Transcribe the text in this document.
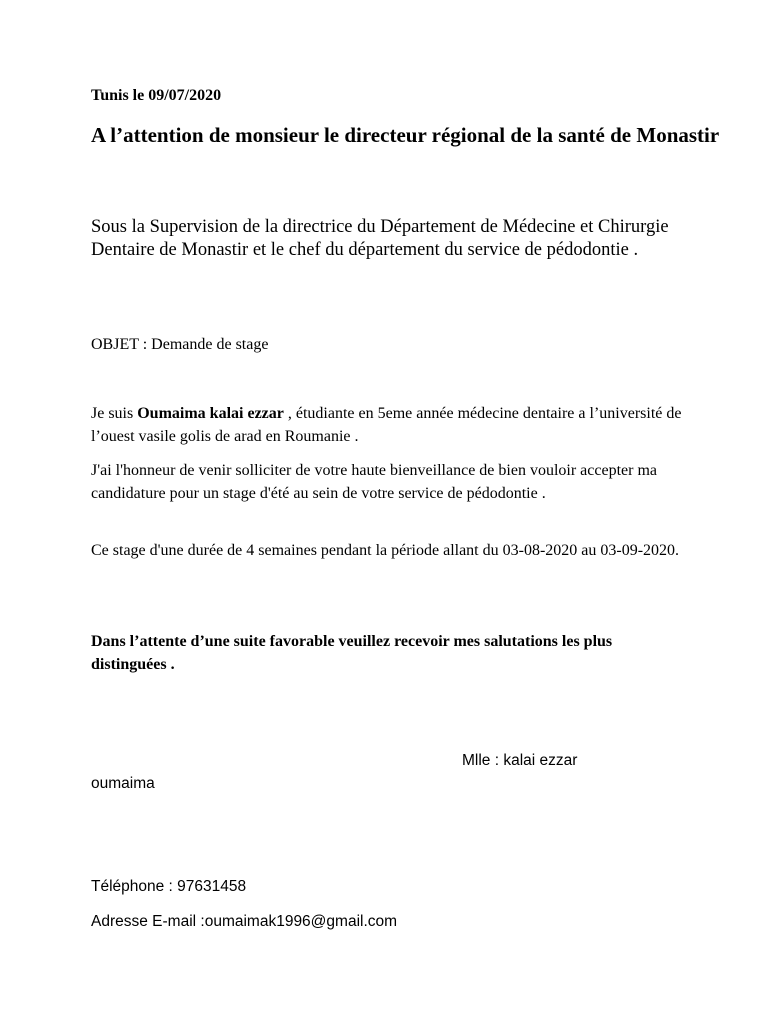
Tunis le 09/07/2020

A l’attention de monsieur le directeur régional de la santé de Monastir

Sous la Supervision de la directrice du Département de Médecine et Chirurgie Dentaire de Monastir et le chef du département du service de pédodontie .

OBJET : Demande de stage

Je suis Oumaima kalai ezzar , étudiante en 5eme année médecine dentaire a l’université de l’ouest vasile golis de arad en Roumanie .

J'ai l'honneur de venir solliciter de votre haute bienveillance de bien vouloir accepter ma candidature pour un stage d'été au sein de votre service de pédodontie .

Ce stage d'une durée de 4 semaines pendant la période allant du 03-08-2020 au 03-09-2020.

Dans l’attente d’une suite favorable veuillez recevoir mes salutations les plus distinguées .

Mlle : kalai ezzar

oumaima

Téléphone : 97631458

Adresse E-mail :oumaimak1996@gmail.com
